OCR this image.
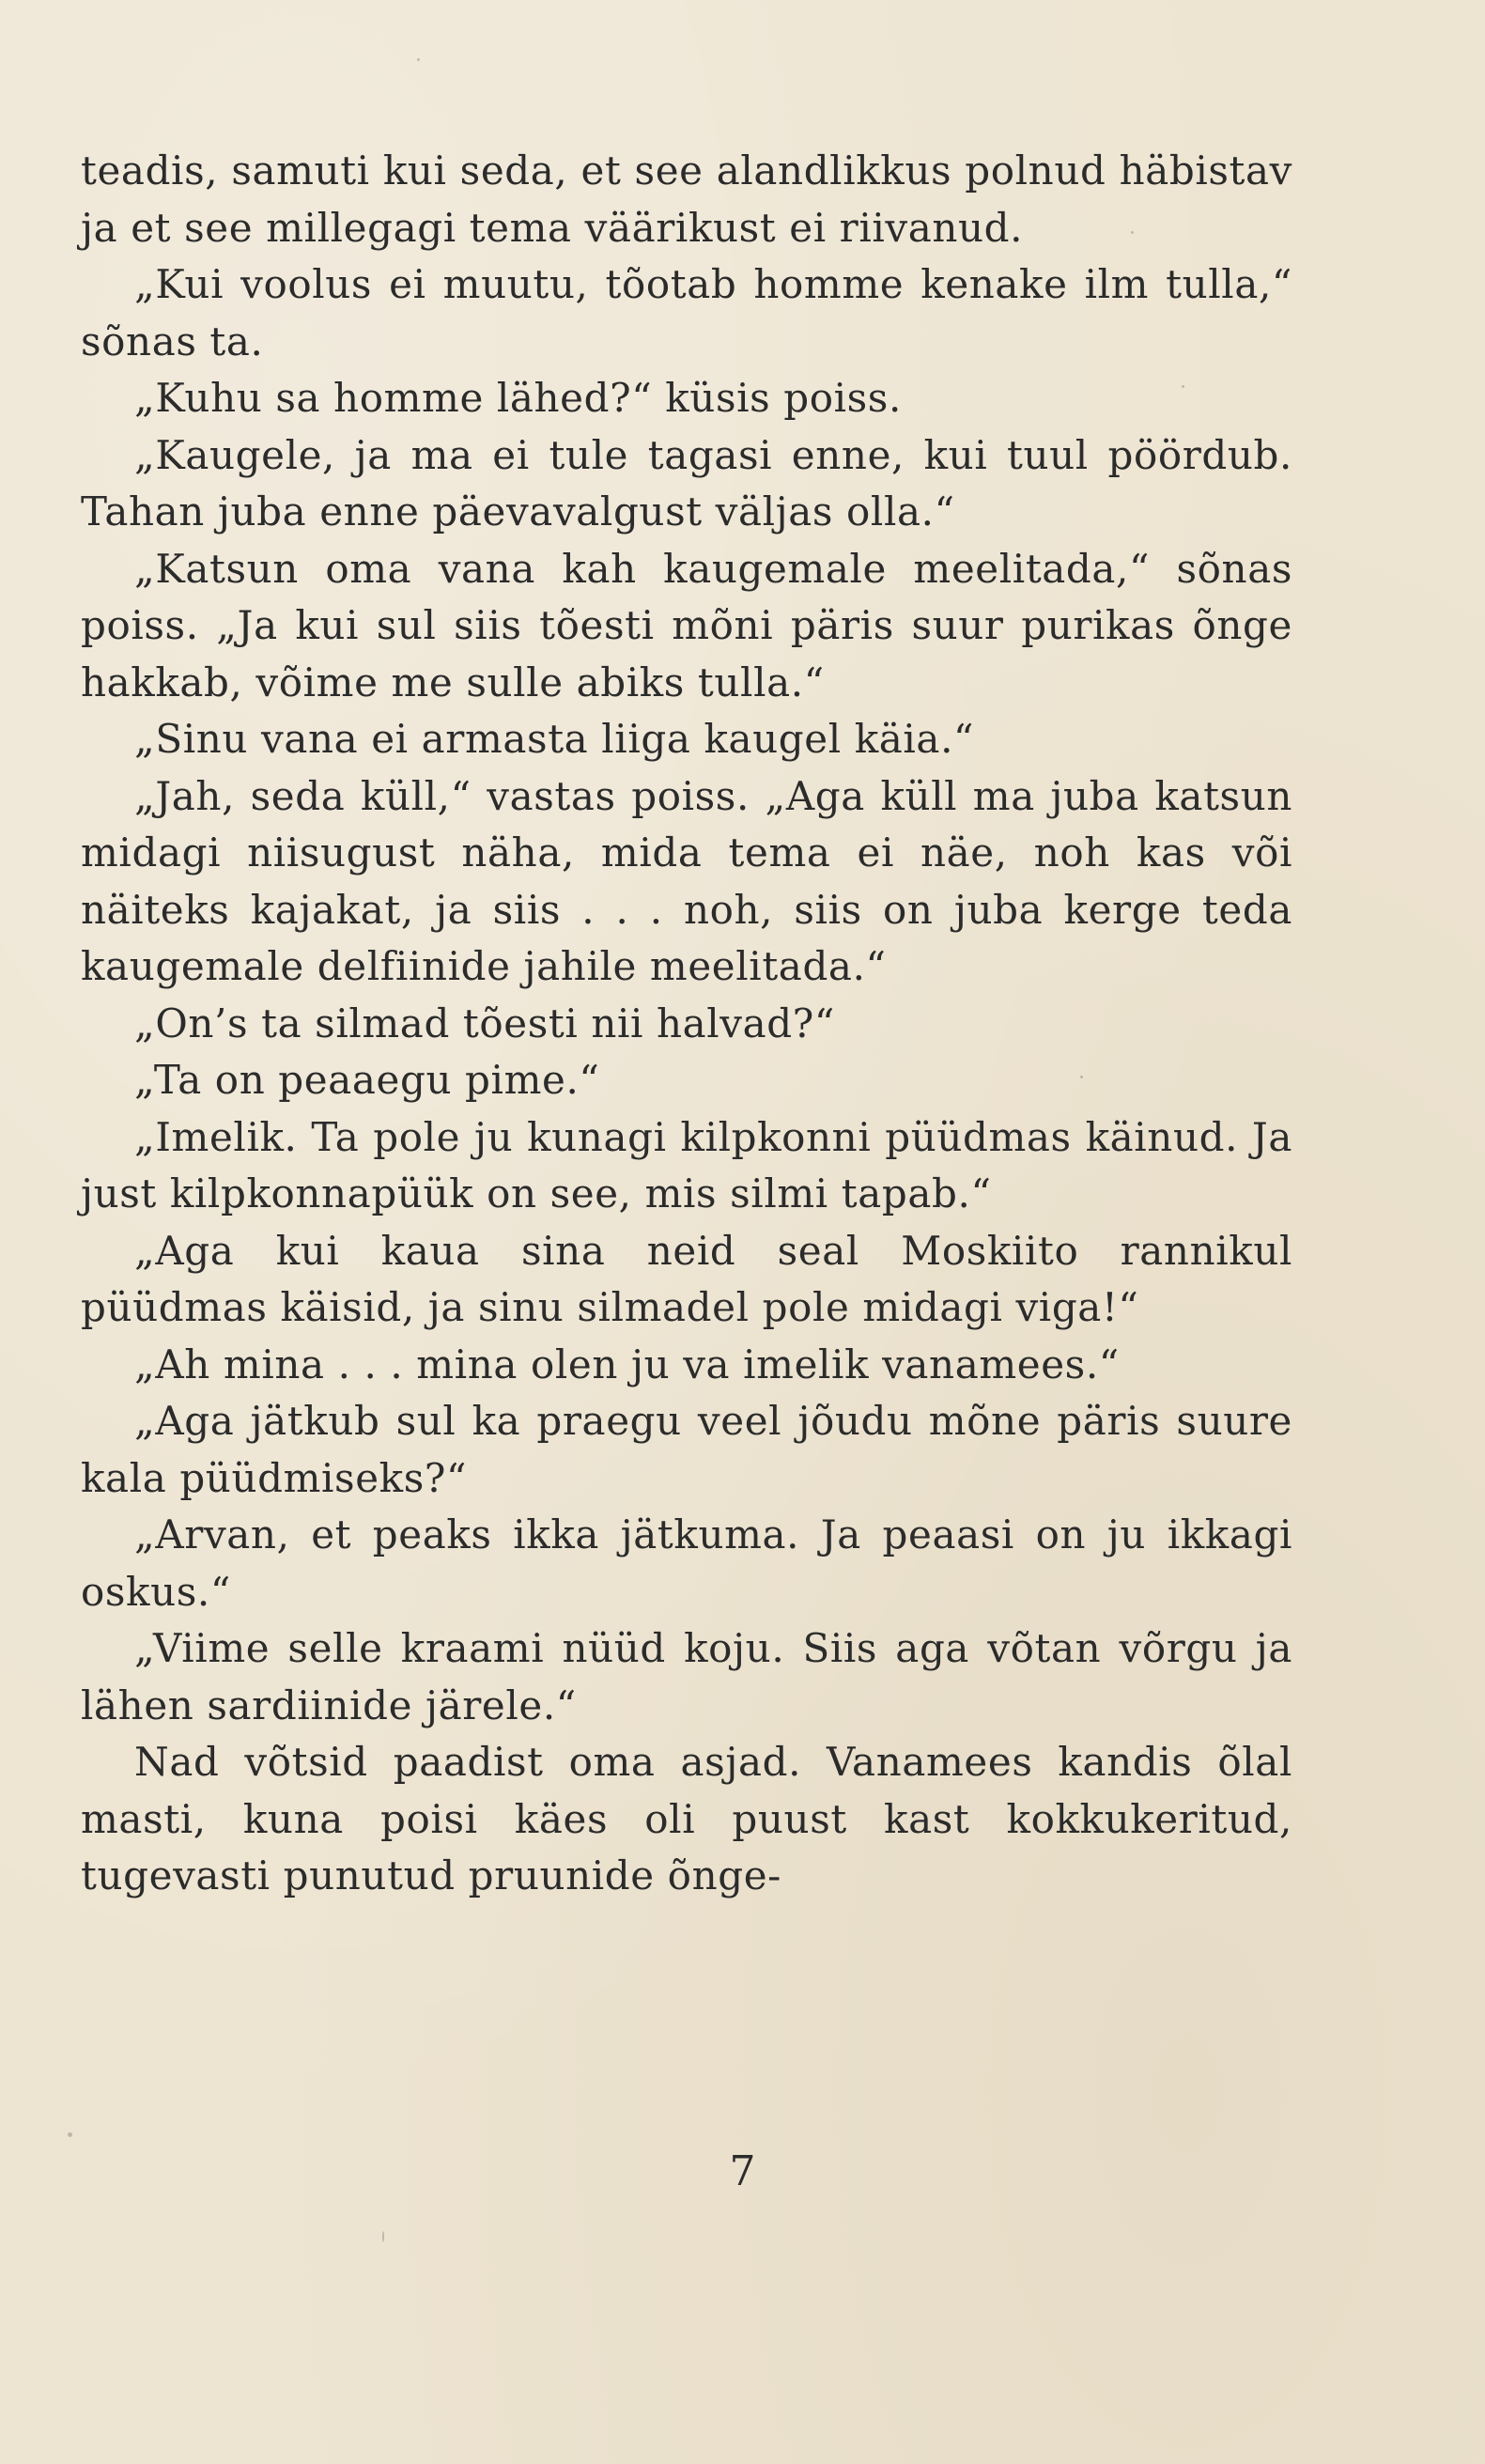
teadis, samuti kui seda, et see alandlikkus polnud häbistav ja et see millegagi tema väärikust ei riivanud.

„Kui voolus ei muutu, tõotab homme kenake ilm tulla,“ sõnas ta.

„Kuhu sa homme lähed?“ küsis poiss.

„Kaugele, ja ma ei tule tagasi enne, kui tuul pöördub. Tahan juba enne päevavalgust väljas olla.“

„Katsun oma vana kah kaugemale meelitada,“ sõnas poiss. „Ja kui sul siis tõesti mõni päris suur purikas õnge hakkab, võime me sulle abiks tulla.“

„Sinu vana ei armasta liiga kaugel käia.“

„Jah, seda küll,“ vastas poiss. „Aga küll ma juba katsun midagi niisugust näha, mida tema ei näe, noh kas või näiteks kajakat, ja siis . . . noh, siis on juba kerge teda kaugemale delfiinide jahile meelitada.“

„On’s ta silmad tõesti nii halvad?“

„Ta on peaaegu pime.“

„Imelik. Ta pole ju kunagi kilpkonni püüdmas käinud. Ja just kilpkonnapüük on see, mis silmi tapab.“

„Aga kui kaua sina neid seal Moskiito rannikul püüdmas käisid, ja sinu silmadel pole midagi viga!“

„Ah mina . . . mina olen ju va imelik vanamees.“

„Aga jätkub sul ka praegu veel jõudu mõne päris suure kala püüdmiseks?“

„Arvan, et peaks ikka jätkuma. Ja peaasi on ju ikkagi oskus.“

„Viime selle kraami nüüd koju. Siis aga võtan võrgu ja lähen sardiinide järele.“

Nad võtsid paadist oma asjad. Vanamees kandis õlal masti, kuna poisi käes oli puust kast kokkukeritud, tugevasti punutud pruunide õnge-

7
